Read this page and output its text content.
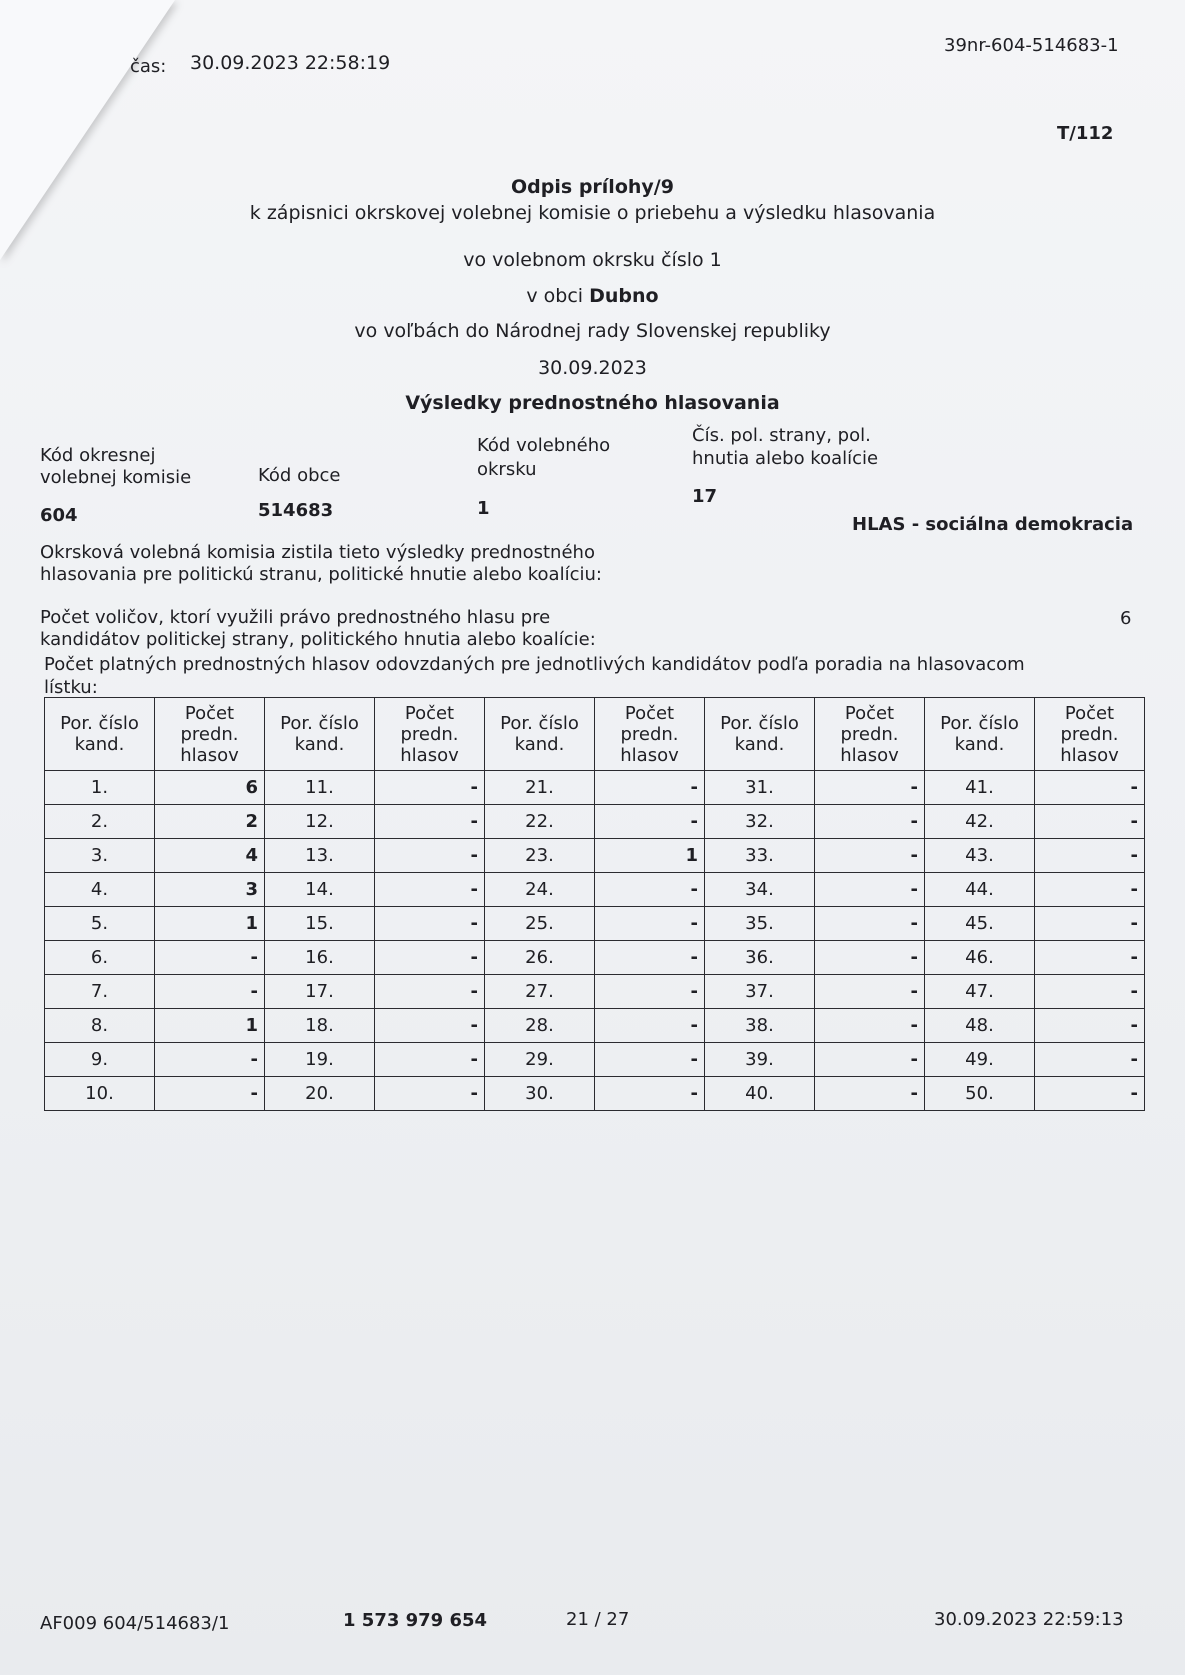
čas: 30.09.2023 22:58:19
39nr-604-514683-1
T/112
Odpis prílohy/9
k zápisnici okrskovej volebnej komisie o priebehu a výsledku hlasovania
vo volebnom okrsku číslo 1
v obci Dubno
vo voľbách do Národnej rady Slovenskej republiky
30.09.2023
Výsledky prednostného hlasovania
Kód okresnej
volebnej komisie
604
Kód obce
514683
Kód volebného
okrsku
1
Čís. pol. strany, pol.
hnutia alebo koalície
17
HLAS - sociálna demokracia
Okrsková volebná komisia zistila tieto výsledky prednostného
hlasovania pre politickú stranu, politické hnutie alebo koalíciu:
Počet voličov, ktorí využili právo prednostného hlasu pre
kandidátov politickej strany, politického hnutia alebo koalície:
6
Počet platných prednostných hlasov odovzdaných pre jednotlivých kandidátov podľa poradia na hlasovacom
lístku:
Por. číslo
kand.	Počet
predn.
hlasov	Por. číslo
kand.	Počet
predn.
hlasov	Por. číslo
kand.	Počet
predn.
hlasov	Por. číslo
kand.	Počet
predn.
hlasov	Por. číslo
kand.	Počet
predn.
hlasov
1.	6	11.	-	21.	-	31.	-	41.	-
2.	2	12.	-	22.	-	32.	-	42.	-
3.	4	13.	-	23.	1	33.	-	43.	-
4.	3	14.	-	24.	-	34.	-	44.	-
5.	1	15.	-	25.	-	35.	-	45.	-
6.	-	16.	-	26.	-	36.	-	46.	-
7.	-	17.	-	27.	-	37.	-	47.	-
8.	1	18.	-	28.	-	38.	-	48.	-
9.	-	19.	-	29.	-	39.	-	49.	-
10.	-	20.	-	30.	-	40.	-	50.	-
AF009 604/514683/1	1 573 979 654	21 / 27	30.09.2023 22:59:13
